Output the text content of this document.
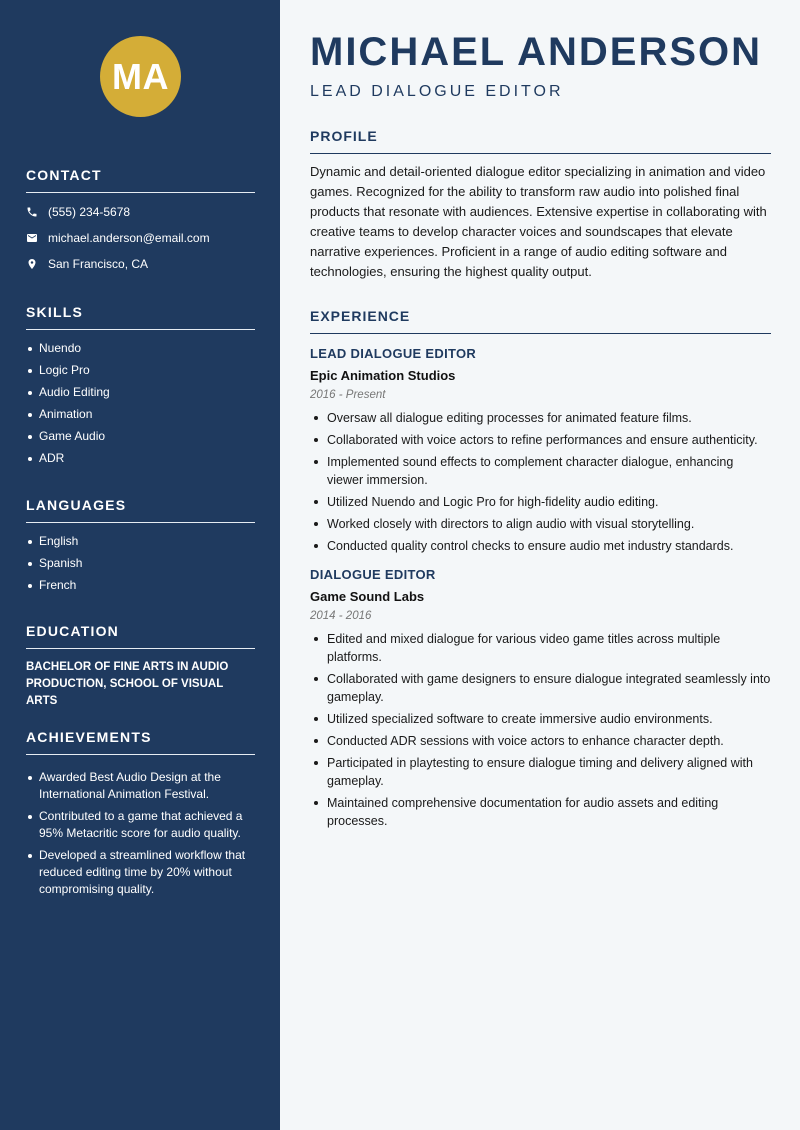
MA
CONTACT
(555) 234-5678
michael.anderson@email.com
San Francisco, CA
SKILLS
Nuendo
Logic Pro
Audio Editing
Animation
Game Audio
ADR
LANGUAGES
English
Spanish
French
EDUCATION
BACHELOR OF FINE ARTS IN AUDIO PRODUCTION, SCHOOL OF VISUAL ARTS
ACHIEVEMENTS
Awarded Best Audio Design at the International Animation Festival.
Contributed to a game that achieved a 95% Metacritic score for audio quality.
Developed a streamlined workflow that reduced editing time by 20% without compromising quality.
MICHAEL ANDERSON
LEAD DIALOGUE EDITOR
PROFILE

Dynamic and detail-oriented dialogue editor specializing in animation and video games. Recognized for the ability to transform raw audio into polished final products that resonate with audiences. Extensive expertise in collaborating with creative teams to develop character voices and soundscapes that elevate narrative experiences. Proficient in a range of audio editing software and technologies, ensuring the highest quality output.

EXPERIENCE
LEAD DIALOGUE EDITOR
Epic Animation Studios
2016 - Present
Oversaw all dialogue editing processes for animated feature films.
Collaborated with voice actors to refine performances and ensure authenticity.
Implemented sound effects to complement character dialogue, enhancing viewer immersion.
Utilized Nuendo and Logic Pro for high-fidelity audio editing.
Worked closely with directors to align audio with visual storytelling.
Conducted quality control checks to ensure audio met industry standards.
DIALOGUE EDITOR
Game Sound Labs
2014 - 2016
Edited and mixed dialogue for various video game titles across multiple platforms.
Collaborated with game designers to ensure dialogue integrated seamlessly into gameplay.
Utilized specialized software to create immersive audio environments.
Conducted ADR sessions with voice actors to enhance character depth.
Participated in playtesting to ensure dialogue timing and delivery aligned with gameplay.
Maintained comprehensive documentation for audio assets and editing processes.
